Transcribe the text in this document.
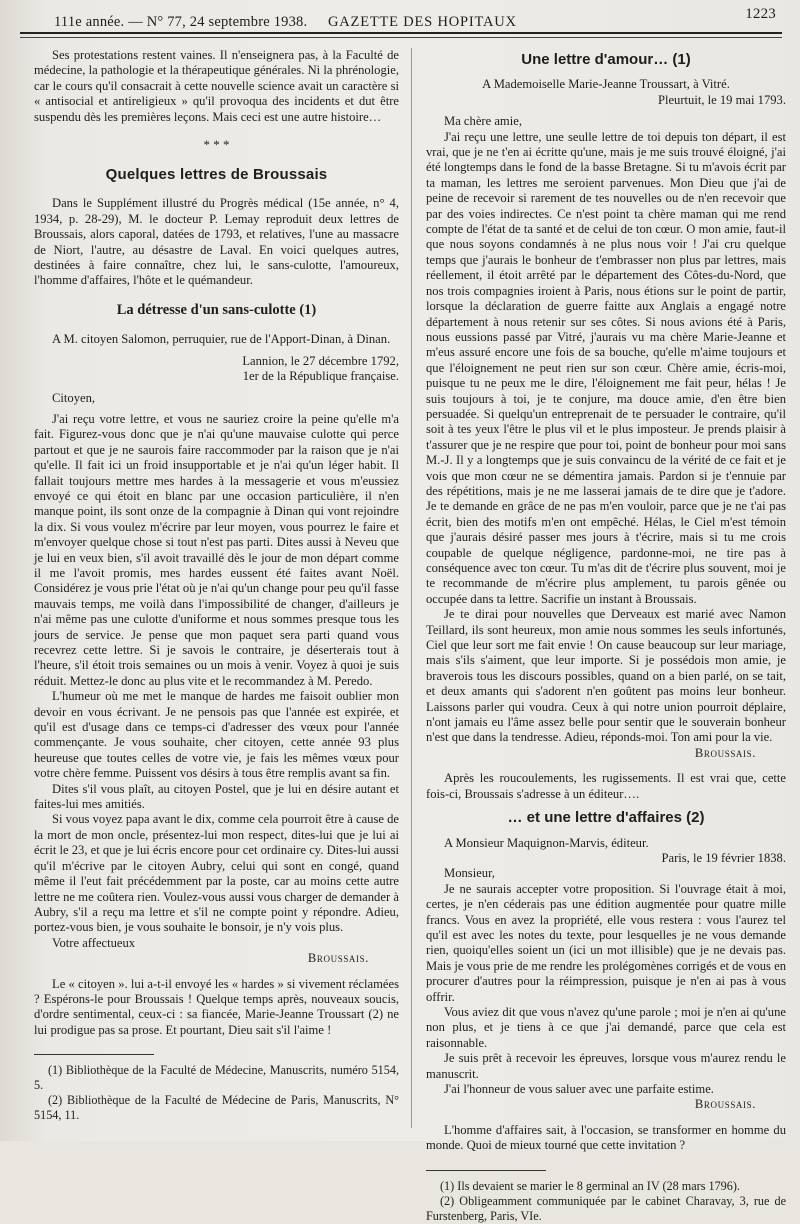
111e année. — N° 77, 24 septembre 1938. GAZETTE DES HOPITAUX	1223

Ses protestations restent vaines. Il n'enseignera pas, à la Faculté de médecine, la pathologie et la thérapeutique générales. Ni la phrénologie, car le cours qu'il consacrait à cette nouvelle science avait un caractère si « antisocial et antireligieux » qu'il provoqua des incidents et dut être suspendu dès les premières leçons. Mais ceci est une autre histoire…

* * *
Quelques lettres de Broussais

Dans le Supplément illustré du Progrès médical (15e année, n° 4, 1934, p. 28-29), M. le docteur P. Lemay reproduit deux lettres de Broussais, alors caporal, datées de 1793, et relatives, l'une au massacre de Niort, l'autre, au désastre de Laval. En voici quelques autres, destinées à faire connaître, chez lui, le sans-culotte, l'amoureux, l'homme d'affaires, l'hôte et le quémandeur.

La détresse d'un sans-culotte (1)

A M. citoyen Salomon, perruquier, rue de l'Apport-Dinan, à Dinan.

Lannion, le 27 décembre 1792,

1er de la République française.

Citoyen,

J'ai reçu votre lettre, et vous ne sauriez croire la peine qu'elle m'a fait. Figurez-vous donc que je n'ai qu'une mauvaise culotte qui perce partout et que je ne saurois faire raccommoder par la raison que je n'ai qu'elle. Il fait ici un froid insupportable et je n'ai qu'un léger habit. Il fallait toujours mettre mes hardes à la messagerie et vous m'eussiez envoyé ce qui étoit en blanc par une occasion particulière, il n'en manque point, ils sont onze de la compagnie à Dinan qui vont rejoindre la dix. Si vous voulez m'écrire par leur moyen, vous pourrez le faire et m'envoyer quelque chose si tout n'est pas parti. Dites aussi à Neveu que je lui en veux bien, s'il avoit travaillé dès le jour de mon départ comme il me l'avoit promis, mes hardes eussent été faites avant Noël. Considérez je vous prie l'état où je n'ai qu'un change pour peu qu'il fasse mauvais temps, me voilà dans l'impossibilité de changer, d'ailleurs je n'ai même pas une culotte d'uniforme et nous sommes presque tous les jours de service. Je pense que mon paquet sera parti quand vous recevrez cette lettre. Si je savois le contraire, je déserterais tout à l'heure, s'il étoit trois semaines ou un mois à venir. Voyez à quoi je suis réduit. Mettez-le donc au plus vite et le recommandez à M. Peredo.

L'humeur où me met le manque de hardes me faisoit oublier mon devoir en vous écrivant. Je ne pensois pas que l'année est expirée, et qu'il est d'usage dans ce temps-ci d'adresser des vœux pour l'année commençante. Je vous souhaite, cher citoyen, cette année 93 plus heureuse que toutes celles de votre vie, je fais les mêmes vœux pour votre chère femme. Puissent vos désirs à tous être remplis avant sa fin.

Dites s'il vous plaît, au citoyen Postel, que je lui en désire autant et faites-lui mes amitiés.

Si vous voyez papa avant le dix, comme cela pourroit être à cause de la mort de mon oncle, présentez-lui mon respect, dites-lui que je lui ai écrit le 23, et que je lui écris encore pour cet ordinaire cy. Dites-lui aussi qu'il m'écrive par le citoyen Aubry, celui qui sont en congé, quand même il l'eut fait précédemment par la poste, car au moins cette autre lettre ne me coûtera rien. Voulez-vous aussi vous charger de demander à Aubry, s'il a reçu ma lettre et s'il ne compte point y répondre. Adieu, portez-vous bien, je vous souhaite le bonsoir, je n'y vois plus.

Votre affectueux

Broussais.

Le « citoyen ». lui a-t-il envoyé les « hardes » si vivement réclamées ? Espérons-le pour Broussais ! Quelque temps après, nouveaux soucis, d'ordre sentimental, ceux-ci : sa fiancée, Marie-Jeanne Troussart (2) ne lui prodigue pas sa prose. Et pourtant, Dieu sait s'il l'aime !

(1) Bibliothèque de la Faculté de Médecine, Manuscrits, numéro 5154, 5.

(2) Bibliothèque de la Faculté de Médecine de Paris, Manuscrits, N° 5154, 11.

Une lettre d'amour… (1)

A Mademoiselle Marie-Jeanne Troussart, à Vitré.

Pleurtuit, le 19 mai 1793.

Ma chère amie,

J'ai reçu une lettre, une seulle lettre de toi depuis ton départ, il est vrai, que je ne t'en ai écritte qu'une, mais je me suis trouvé éloigné, j'ai été longtemps dans le fond de la basse Bretagne. Si tu m'avois écrit par ta maman, les lettres me seroient parvenues. Mon Dieu que j'ai de peine de recevoir si rarement de tes nouvelles ou de n'en recevoir que par des voies indirectes. Ce n'est point ta chère maman qui me rend compte de l'état de ta santé et de celui de ton cœur. O mon amie, faut-il que nous soyons condamnés à ne plus nous voir ! J'ai cru quelque temps que j'aurais le bonheur de t'embrasser non plus par lettres, mais réellement, il étoit arrêté par le département des Côtes-du-Nord, que nos trois compagnies iroient à Paris, nous étions sur le point de partir, lorsque la déclaration de guerre faitte aux Anglais a engagé notre département à nous retenir sur ses côtes. Si nous avions été à Paris, nous eussions passé par Vitré, j'aurais vu ma chère Marie-Jeanne et m'eus assuré encore une fois de sa bouche, qu'elle m'aime toujours et que l'éloignement ne peut rien sur son cœur. Chère amie, écris-moi, puisque tu ne peux me le dire, l'éloignement me fait peur, hélas ! Je suis toujours à toi, je te conjure, ma douce amie, d'en être bien persuadée. Si quelqu'un entreprenait de te persuader le contraire, qu'il soit à tes yeux l'être le plus vil et le plus imposteur. Je prends plaisir à t'assurer que je ne respire que pour toi, point de bonheur pour moi sans M.-J. Il y a longtemps que je suis convaincu de la vérité de ce fait et je vois que mon cœur ne se démentira jamais. Pardon si je t'ennuie par des répétitions, mais je ne me lasserai jamais de te dire que je t'adore. Je te demande en grâce de ne pas m'en vouloir, parce que je ne t'ai pas écrit, bien des motifs m'en ont empêché. Hélas, le Ciel m'est témoin que j'aurais désiré passer mes jours à t'écrire, mais si tu me crois coupable de quelque négligence, pardonne-moi, ne tire pas à conséquence avec ton cœur. Tu m'as dit de t'écrire plus souvent, moi je te recommande de m'écrire plus amplement, tu parois gênée ou occupée dans ta lettre. Sacrifie un instant à Broussais.

Je te dirai pour nouvelles que Derveaux est marié avec Namon Teillard, ils sont heureux, mon amie nous sommes les seuls infortunés, Ciel que leur sort me fait envie ! On cause beaucoup sur leur mariage, mais s'ils s'aiment, que leur importe. Si je possédois mon amie, je braverois tous les discours possibles, quand on a bien parlé, on se tait, et deux amants qui s'adorent n'en goûtent pas moins leur bonheur. Laissons parler qui voudra. Ceux à qui notre union pourroit déplaire, n'ont jamais eu l'âme assez belle pour sentir que le souverain bonheur n'est que dans la tendresse. Adieu, réponds-moi. Ton ami pour la vie.

Broussais.

Après les roucoulements, les rugissements. Il est vrai que, cette fois-ci, Broussais s'adresse à un éditeur….

… et une lettre d'affaires (2)

A Monsieur Maquignon-Marvis, éditeur.

Paris, le 19 février 1838.

Monsieur,

Je ne saurais accepter votre proposition. Si l'ouvrage était à moi, certes, je n'en céderais pas une édition augmentée pour quatre mille francs. Vous en avez la propriété, elle vous restera : vous l'aurez tel qu'il est avec les notes du texte, pour lesquelles je ne vous demande rien, quoiqu'elles soient un (ici un mot illisible) que je ne devais pas. Mais je vous prie de me rendre les prolégomènes corrigés et de vous en procurer d'autres pour la réimpression, puisque je n'en ai pas à vous offrir.

Vous aviez dit que vous n'avez qu'une parole ; moi je n'en ai qu'une non plus, et je tiens à ce que j'ai demandé, parce que cela est raisonnable.

Je suis prêt à recevoir les épreuves, lorsque vous m'aurez rendu le manuscrit.

J'ai l'honneur de vous saluer avec une parfaite estime.

Broussais.

L'homme d'affaires sait, à l'occasion, se transformer en homme du monde. Quoi de mieux tourné que cette invitation ?

(1) Ils devaient se marier le 8 germinal an IV (28 mars 1796).

(2) Obligeamment communiquée par le cabinet Charavay, 3, rue de Furstenberg, Paris, VIe.
